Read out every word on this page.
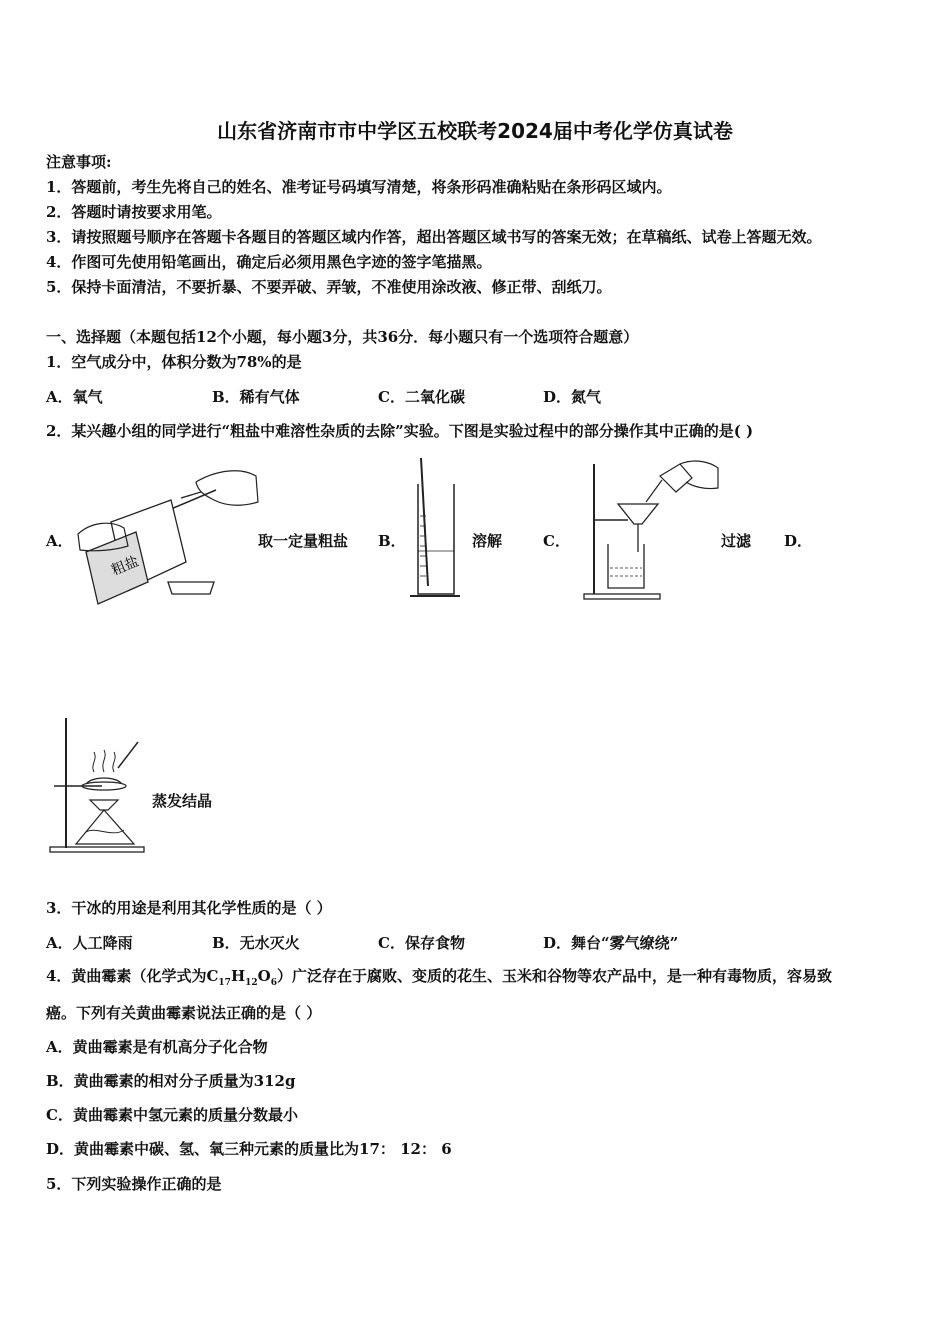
山东省济南市市中学区五校联考2024届中考化学仿真试卷
注意事项:
1．答题前，考生先将自己的姓名、准考证号码填写清楚，将条形码准确粘贴在条形码区域内。
2．答题时请按要求用笔。
3．请按照题号顺序在答题卡各题目的答题区域内作答，超出答题区域书写的答案无效；在草稿纸、试卷上答题无效。
4．作图可先使用铅笔画出，确定后必须用黑色字迹的签字笔描黑。
5．保持卡面清洁，不要折暴、不要弄破、弄皱，不准使用涂改液、修正带、刮纸刀。
一、选择题（本题包括12个小题，每小题3分，共36分．每小题只有一个选项符合题意）
1．空气成分中，体积分数为78%的是
A．氧气	B．稀有气体	C．二氧化碳	D．氮气
2．某兴趣小组的同学进行“粗盐中难溶性杂质的去除”实验。下图是实验过程中的部分操作其中正确的是( )
A．
粗盐
取一定量粗盐 B．	溶解	C．	过滤 D．
蒸发结晶
3．干冰的用途是利用其化学性质的是（ ）
A．人工降雨	B．无水灭火	C．保存食物	D．舞台“雾气缭绕”
4．黄曲霉素（化学式为$C_{17}H_{12}O_6$）广泛存在于腐败、变质的花生、玉米和谷物等农产品中，是一种有毒物质，容易致
癌。下列有关黄曲霉素说法正确的是（ ）
A．黄曲霉素是有机高分子化合物
B．黄曲霉素的相对分子质量为312g
C．黄曲霉素中氢元素的质量分数最小
D．黄曲霉素中碳、氢、氧三种元素的质量比为17： 12： 6
5．下列实验操作正确的是
